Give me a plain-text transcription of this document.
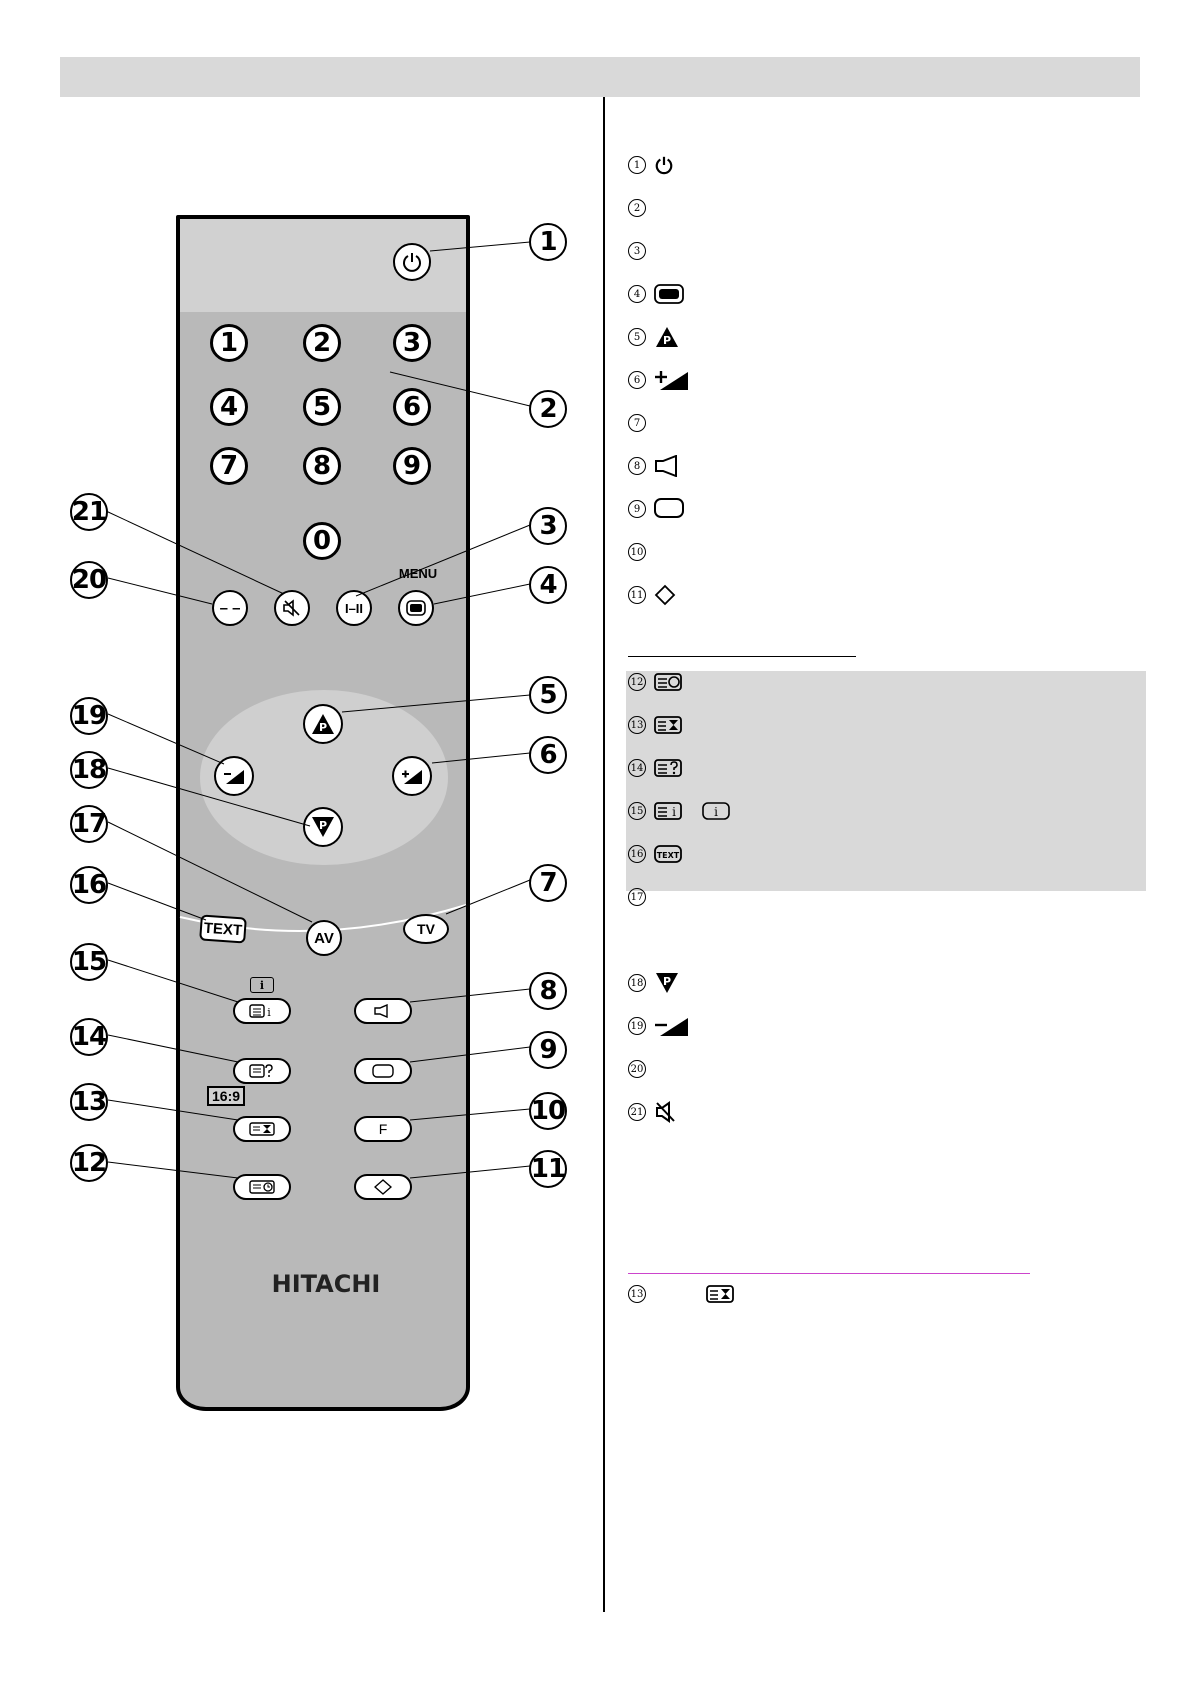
1	2	3
4	5	6
7	8	9
0
– –	I–II
MENU
P
P
TEXT	AV
TV
i
i
16:9
F
HITACHI
1
2
3
4
5
6
7
8
9
10
11
12
13
14
15
16
17
18
19
20
21
1
2
3
4
5	P
6
7
8
9
10
11
12
13
14
15 i	i
16	TEXT
17
18 P
19
20
21
13
